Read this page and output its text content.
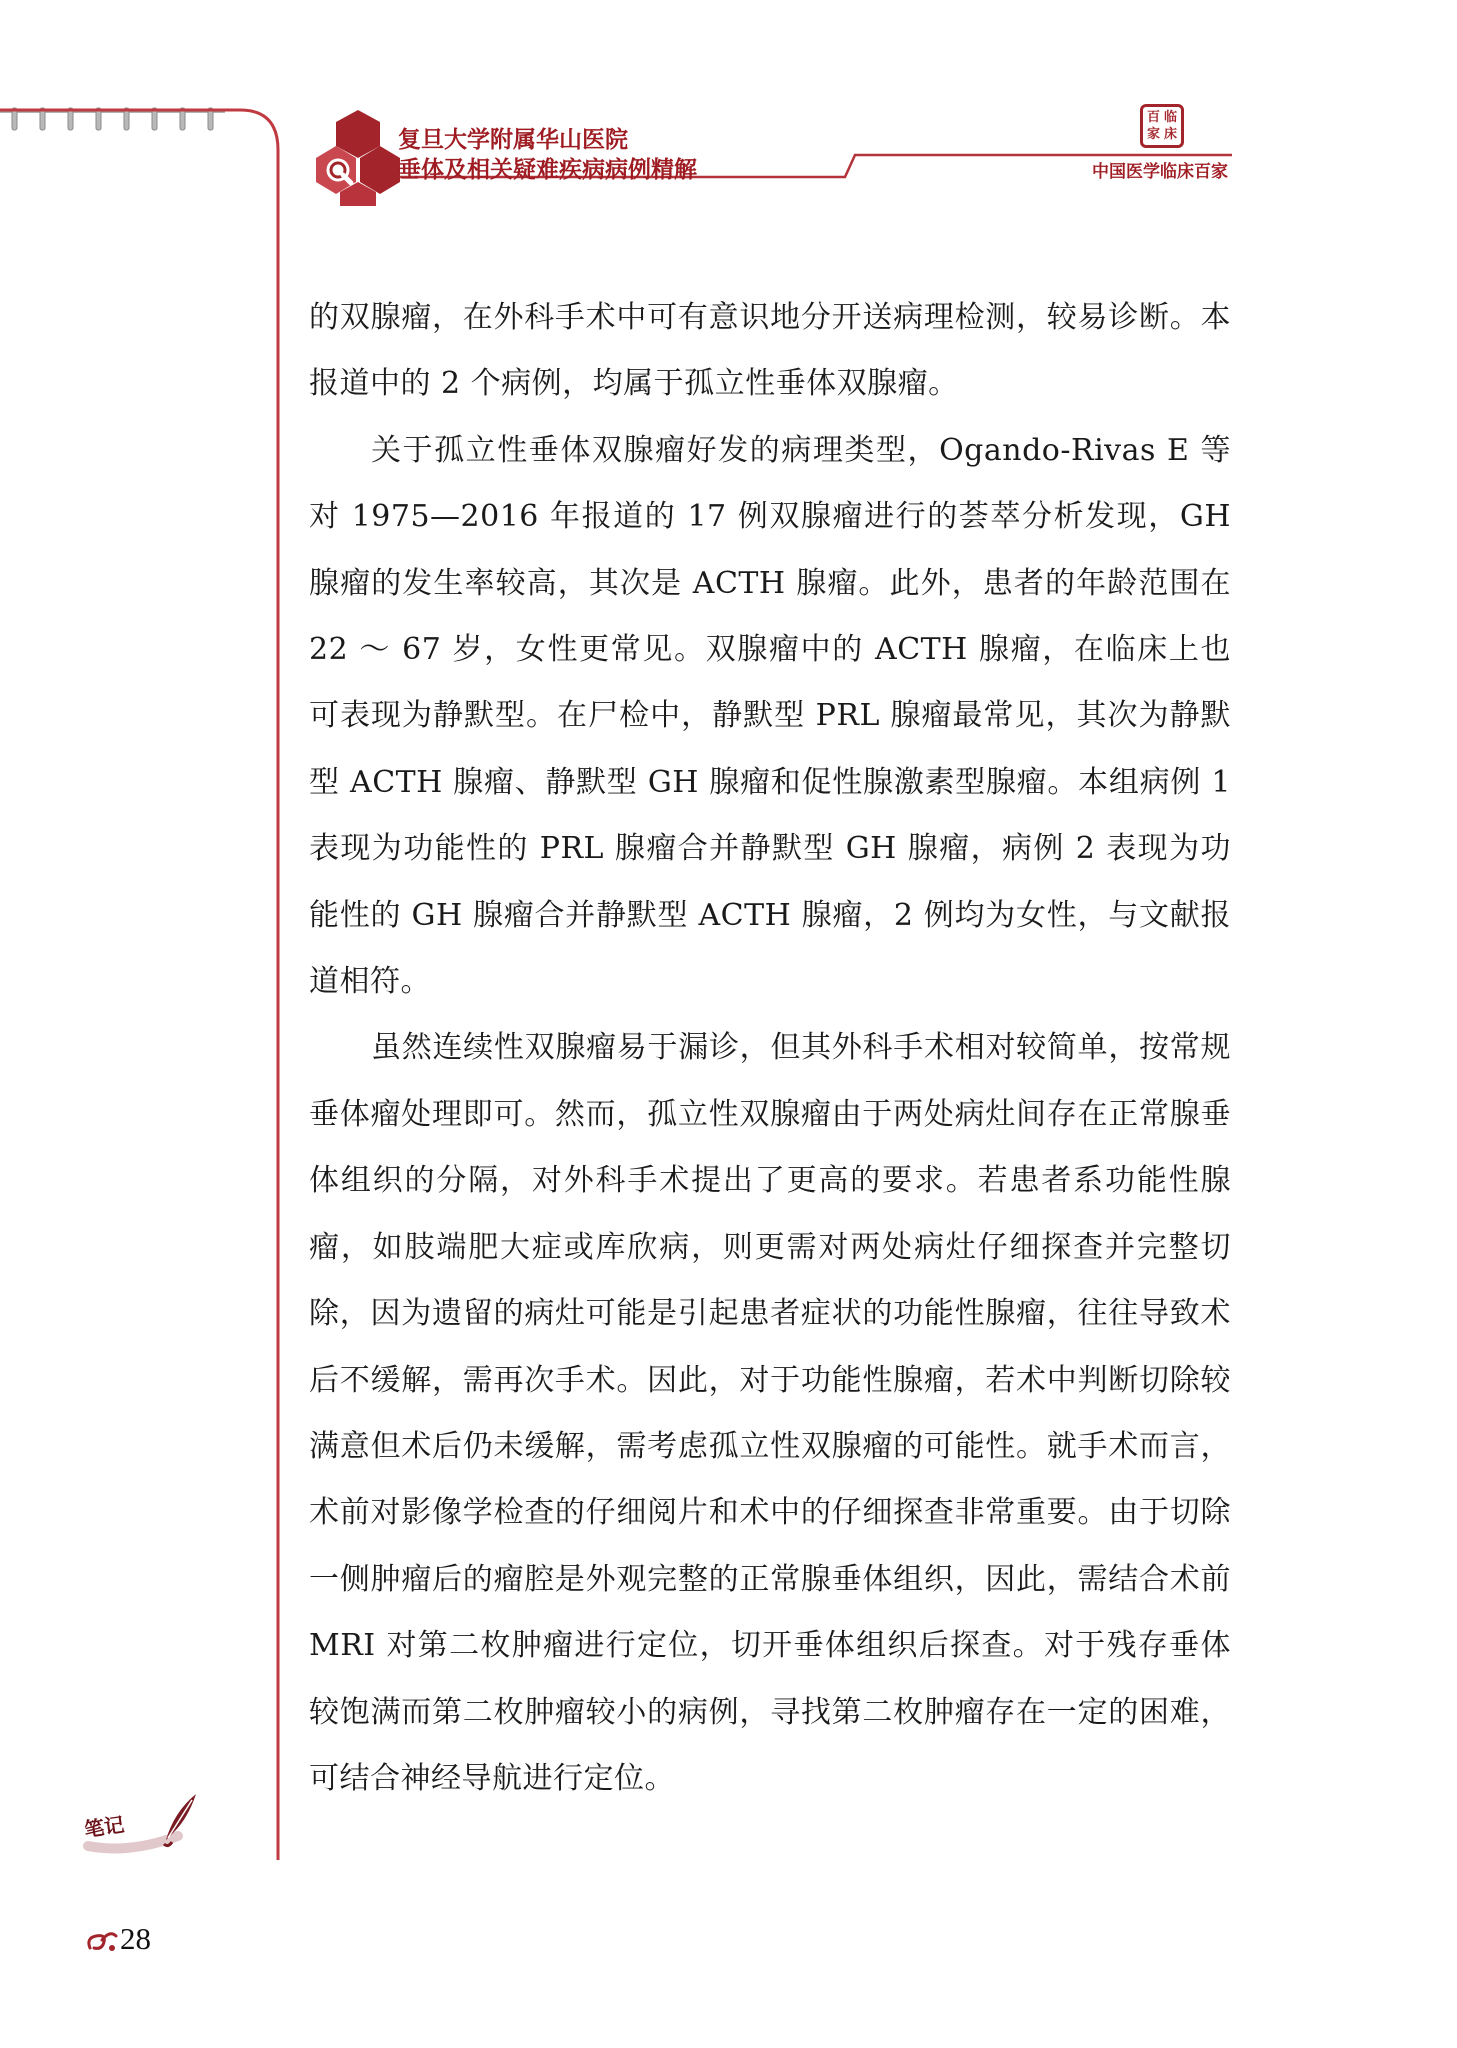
复旦大学附属华山医院
垂体及相关疑难疾病病例精解
百 临
家 床
中国医学临床百家

的双腺瘤，在外科手术中可有意识地分开送病理检测，较易诊断。本报道中的 2 个病例，均属于孤立性垂体双腺瘤。

关于孤立性垂体双腺瘤好发的病理类型，Ogando-Rivas E 等对 1975—2016 年报道的 17 例双腺瘤进行的荟萃分析发现，GH 腺瘤的发生率较高，其次是 ACTH 腺瘤。此外，患者的年龄范围在 22 ～ 67 岁，女性更常见。双腺瘤中的 ACTH 腺瘤，在临床上也可表现为静默型。在尸检中，静默型 PRL 腺瘤最常见，其次为静默型 ACTH 腺瘤、静默型 GH 腺瘤和促性腺激素型腺瘤。本组病例 1 表现为功能性的 PRL 腺瘤合并静默型 GH 腺瘤，病例 2 表现为功能性的 GH 腺瘤合并静默型 ACTH 腺瘤，2 例均为女性，与文献报道相符。

虽然连续性双腺瘤易于漏诊，但其外科手术相对较简单，按常规垂体瘤处理即可。然而，孤立性双腺瘤由于两处病灶间存在正常腺垂体组织的分隔，对外科手术提出了更高的要求。若患者系功能性腺瘤，如肢端肥大症或库欣病，则更需对两处病灶仔细探查并完整切除，因为遗留的病灶可能是引起患者症状的功能性腺瘤，往往导致术后不缓解，需再次手术。因此，对于功能性腺瘤，若术中判断切除较满意但术后仍未缓解，需考虑孤立性双腺瘤的可能性。就手术而言，术前对影像学检查的仔细阅片和术中的仔细探查非常重要。由于切除一侧肿瘤后的瘤腔是外观完整的正常腺垂体组织，因此，需结合术前 MRI 对第二枚肿瘤进行定位，切开垂体组织后探查。对于残存垂体较饱满而第二枚肿瘤较小的病例，寻找第二枚肿瘤存在一定的困难，可结合神经导航进行定位。

笔记
28
